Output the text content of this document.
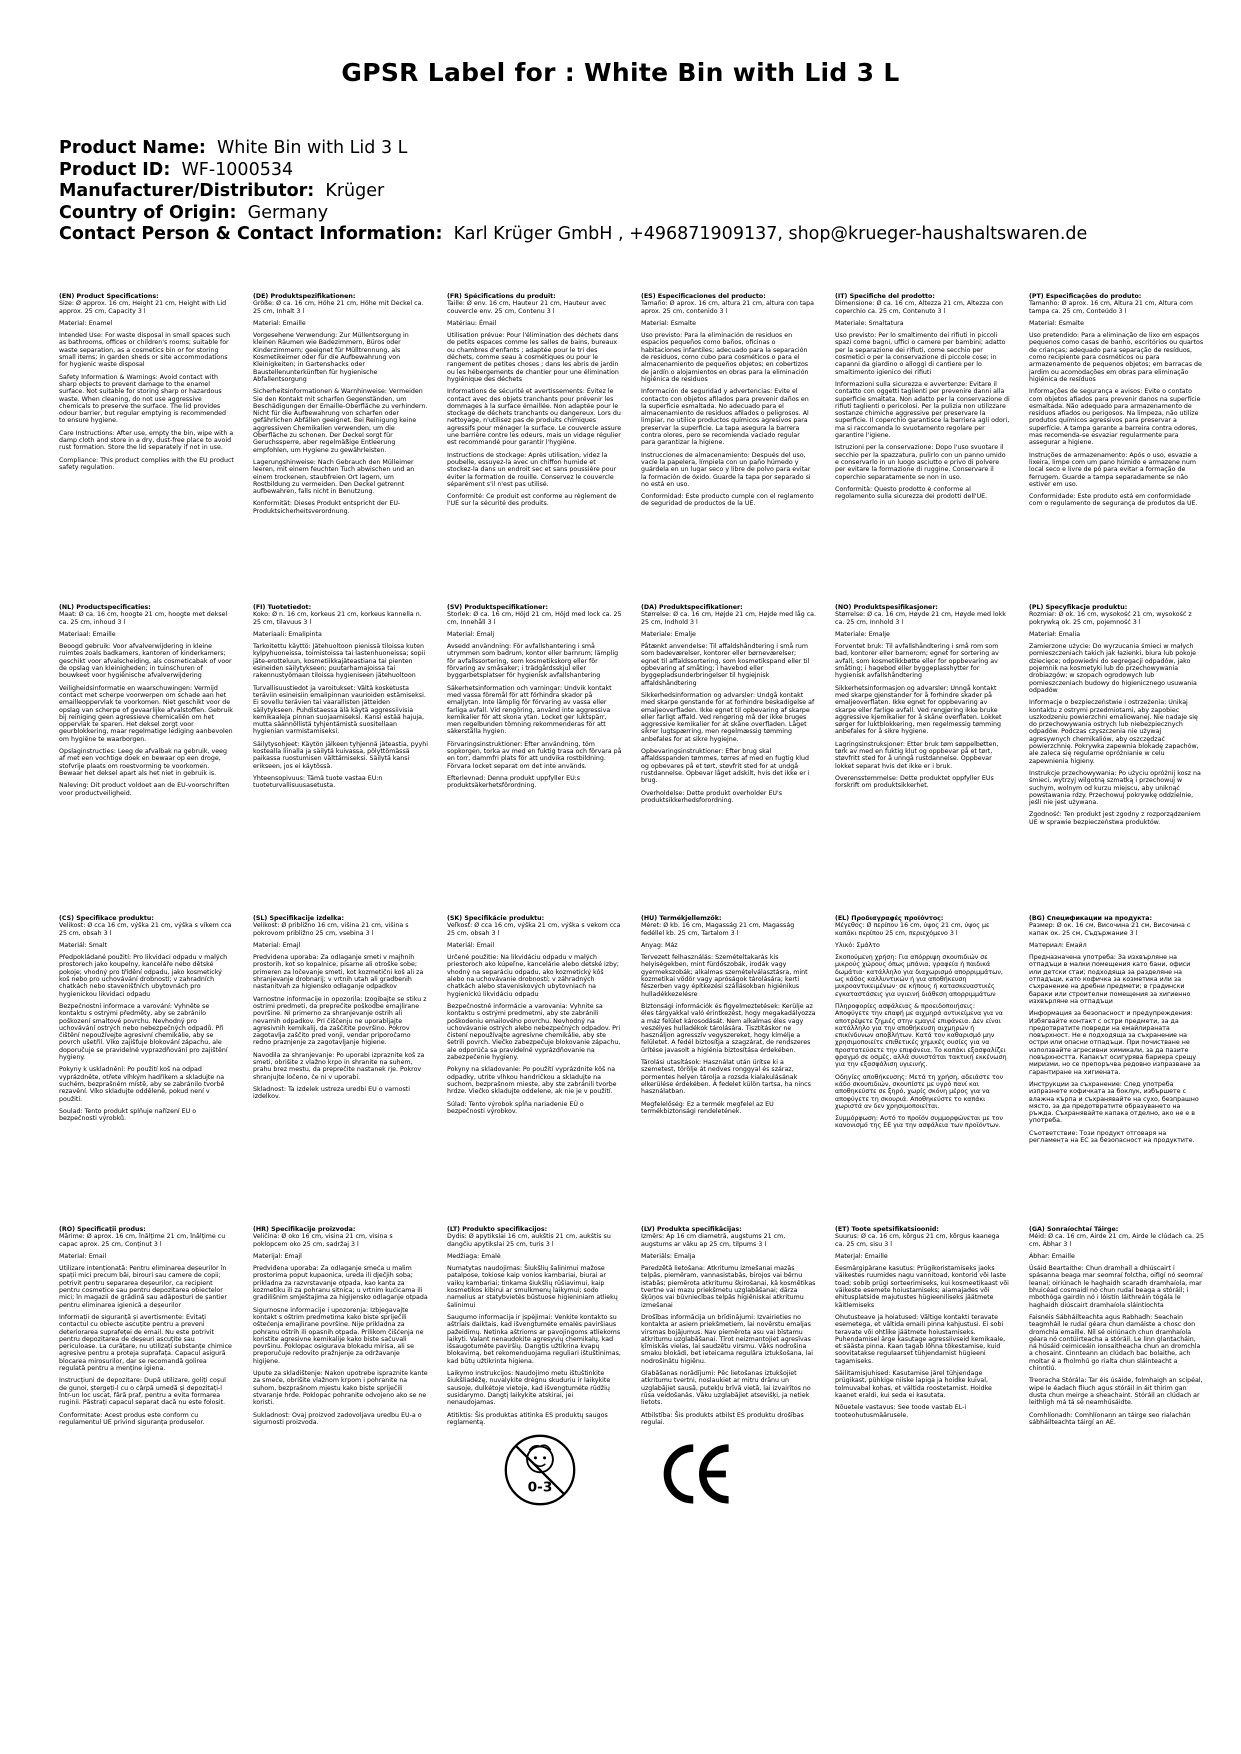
GPSR Label for : White Bin with Lid 3 L
Product Name: White Bin with Lid 3 L
Product ID: WF-1000534
Manufacturer/Distributor: Krüger
Country of Origin: Germany
Contact Person & Contact Information: Karl Krüger GmbH , +496871909137, shop@krueger-haushaltswaren.de
(EN) Product Specifications:
Size: Ø approx. 16 cm, Height 21 cm, Height with Lid approx. 25 cm, Capacity 3 l
Material: Enamel
Intended Use: For waste disposal in small spaces such as bathrooms, offices or children's rooms; suitable for waste separation, as a cosmetics bin or for storing small items; in garden sheds or site accommodations for hygienic waste disposal
Safety Information & Warnings: Avoid contact with sharp objects to prevent damage to the enamel surface. Not suitable for storing sharp or hazardous waste. When cleaning, do not use aggressive chemicals to preserve the surface. The lid provides odour barrier, but regular emptying is recommended to ensure hygiene.
Care Instructions: After use, empty the bin, wipe with a damp cloth and store in a dry, dust-free place to avoid rust formation. Store the lid separately if not in use.
Compliance: This product complies with the EU product safety regulation.
(DE) Produktspezifikationen:
Größe: Ø ca. 16 cm, Höhe 21 cm, Höhe mit Deckel ca. 25 cm, Inhalt 3 l
Material: Emaille
Vorgesehene Verwendung: Zur Müllentsorgung in kleinen Räumen wie Badezimmern, Büros oder Kinderzimmern; geeignet für Mülltrennung, als Kosmetikeimer oder für die Aufbewahrung von Kleinigkeiten; in Gartenshacks oder Baustellenunterkünften für hygienische Abfallentsorgung
Sicherheitsinformationen & Warnhinweise: Vermeiden Sie den Kontakt mit scharfen Gegenständen, um Beschädigungen der Emaille-Oberfläche zu verhindern. Nicht für die Aufbewahrung von scharfen oder gefährlichen Abfällen geeignet. Bei Reinigung keine aggressiven Chemikalien verwenden, um die Oberfläche zu schonen. Der Deckel sorgt für Geruchssperre, aber regelmäßige Entleerung empfohlen, um Hygiene zu gewährleisten.
Lagerungshinweise: Nach Gebrauch den Mülleimer leeren, mit einem feuchten Tuch abwischen und an einem trockenen, staubfreien Ort lagern, um Rostbildung zu vermeiden. Den Deckel getrennt aufbewahren, falls nicht in Benutzung.
Konformität: Dieses Produkt entspricht der EU-Produktsicherheitsverordnung.
(FR) Spécifications du produit:
Taille: Ø env. 16 cm, Hauteur 21 cm, Hauteur avec couvercle env. 25 cm, Contenu 3 l
Matériau: Émail
Utilisation prévue: Pour l'élimination des déchets dans de petits espaces comme les salles de bains, bureaux ou chambres d'enfants ; adaptée pour le tri des déchets, comme seau à cosmétiques ou pour le rangement de petites choses ; dans les abris de jardin ou les hébergements de chantier pour une élimination hygiénique des déchets
Informations de sécurité et avertissements: Évitez le contact avec des objets tranchants pour prévenir les dommages à la surface émaillée. Non adaptée pour le stockage de déchets tranchants ou dangereux. Lors du nettoyage, n'utilisez pas de produits chimiques agressifs pour ménager la surface. Le couvercle assure une barrière contre les odeurs, mais un vidage régulier est recommandé pour garantir l'hygiène.
Instructions de stockage: Après utilisation, videz la poubelle, essuyez-la avec un chiffon humide et stockez-la dans un endroit sec et sans poussière pour éviter la formation de rouille. Conservez le couvercle séparément s'il n'est pas utilisé.
Conformité: Ce produit est conforme au règlement de l'UE sur la sécurité des produits.
(ES) Especificaciones del producto:
Tamaño: Ø aprox. 16 cm, altura 21 cm, altura con tapa aprox. 25 cm, contenido 3 l
Material: Esmalte
Uso previsto: Para la eliminación de residuos en espacios pequeños como baños, oficinas o habitaciones infantiles; adecuado para la separación de residuos, como cubo para cosméticos o para el almacenamiento de pequeños objetos; en cobertizos de jardín o alojamientos en obras para la eliminación higiénica de residuos
Información de seguridad y advertencias: Evite el contacto con objetos afilados para prevenir daños en la superficie esmaltada. No adecuado para el almacenamiento de residuos afilados o peligrosos. Al limpiar, no utilice productos químicos agresivos para preservar la superficie. La tapa asegura la barrera contra olores, pero se recomienda vaciado regular para garantizar la higiene.
Instrucciones de almacenamiento: Después del uso, vacíe la papelera, límpiela con un paño húmedo y guárdela en un lugar seco y libre de polvo para evitar la formación de óxido. Guarde la tapa por separado si no está en uso.
Conformidad: Este producto cumple con el reglamento de seguridad de productos de la UE.
(IT) Specifiche del prodotto:
Dimensione: Ø ca. 16 cm, Altezza 21 cm, Altezza con coperchio ca. 25 cm, Contenuto 3 l
Materiale: Smaltatura
Uso previsto: Per lo smaltimento dei rifiuti in piccoli spazi come bagni, uffici o camere per bambini; adatto per la separazione dei rifiuti, come secchio per cosmetici o per la conservazione di piccole cose; in capanni da giardino o alloggi di cantiere per lo smaltimento igienico dei rifiuti
Informazioni sulla sicurezza e avvertenze: Evitare il contatto con oggetti taglienti per prevenire danni alla superficie smaltata. Non adatto per la conservazione di rifiuti taglienti o pericolosi. Per la pulizia non utilizzare sostanze chimiche aggressive per preservare la superficie. Il coperchio garantisce la barriera agli odori, ma si raccomanda lo svuotamento regolare per garantire l'igiene.
Istruzioni per la conservazione: Dopo l'uso svuotare il secchio per la spazzatura, pulirlo con un panno umido e conservarlo in un luogo asciutto e privo di polvere per evitare la formazione di ruggine. Conservare il coperchio separatamente se non in uso.
Conformità: Questo prodotto è conforme al regolamento sulla sicurezza dei prodotti dell'UE.
(PT) Especificações do produto:
Tamanho: Ø aprox. 16 cm, Altura 21 cm, Altura com tampa ca. 25 cm, Conteúdo 3 l
Material: Esmalte
Uso pretendido: Para a eliminação de lixo em espaços pequenos como casas de banho, escritórios ou quartos de crianças; adequado para separação de resíduos, como recipiente para cosméticos ou para armazenamento de pequenos objetos; em barracas de jardim ou acomodações em obras para eliminação higiénica de resíduos
Informações de segurança e avisos: Evite o contato com objetos afiados para prevenir danos na superfície esmaltada. Não adequado para armazenamento de resíduos afiados ou perigosos. Na limpeza, não utilize produtos químicos agressivos para preservar a superfície. A tampa garante a barreira contra odores, mas recomenda-se esvaziar regularmente para assegurar a higiene.
Instruções de armazenamento: Após o uso, esvazie a lixeira, limpe com um pano húmido e armazene num local seco e livre de pó para evitar a formação de ferrugem. Guarde a tampa separadamente se não estiver em uso.
Conformidade: Este produto está em conformidade com o regulamento de segurança de produtos da UE.
(NL) Productspecificaties:
Maat: Ø ca. 16 cm, hoogte 21 cm, hoogte met deksel ca. 25 cm, inhoud 3 l
Materiaal: Emaille
Beoogd gebruik: Voor afvalverwijdering in kleine ruimtes zoals badkamers, kantoren of kinderkamers; geschikt voor afvalscheiding, als cosmeticabak of voor de opslag van kleinigheden; in tuinschuren of bouwkeet voor hygiënische afvalverwijdering
Veiligheidsinformatie en waarschuwingen: Vermijd contact met scherpe voorwerpen om schade aan het emailleoppervlak te voorkomen. Niet geschikt voor de opslag van scherpe of gevaarlijke afvalstoffen. Gebruik bij reiniging geen agressieve chemicaliën om het oppervlak te sparen. Het deksel zorgt voor geurblokkering, maar regelmatige lediging aanbevolen om hygiëne te waarborgen.
Opslaginstructies: Leeg de afvalbak na gebruik, veeg af met een vochtige doek en bewaar op een droge, stofvrije plaats om roestvorming te voorkomen. Bewaar het deksel apart als het niet in gebruik is.
Naleving: Dit product voldoet aan de EU-voorschriften voor productveiligheid.
(FI) Tuotetiedot:
Koko: Ø n. 16 cm, korkeus 21 cm, korkeus kannella n. 25 cm, tilavuus 3 l
Materiaali: Emalipinta
Tarkoitettu käyttö: Jätehuoltoon pienissä tiloissa kuten kylpyhuoneissa, toimistoissa tai lastenhuoneissa; sopii jäte-erotteluun, kosmetiikkajäteastiana tai pienten esineiden säilytykseen; puutarhamajoissa tai rakennustyömaan tiloissa hygieniseen jätehuoltoon
Turvallisuustiedot ja varoitukset: Vältä kosketusta teräviin esineisiin emalipinnan vaurioiden estämiseksi. Ei sovellu terävien tai vaarallisten jätteiden säilytykseen. Puhdistaessa älä käytä aggressiivisia kemikaaleja pinnan suojaamiseksi. Kansi estää hajuja, mutta säännöllistä tyhjentämistä suositellaan hygienian varmistamiseksi.
Säilytysohjeet: Käytön jälkeen tyhjennä jäteastia, pyyhi kostealla liinalla ja säilytä kuivassa, pölyttömässä paikassa ruostumisen välttämiseksi. Säilytä kansi erikseen, jos ei käytössä.
Yhteensopivuus: Tämä tuote vastaa EU:n tuoteturvallisuusasetusta.
(SV) Produktspecifikationer:
Storlek: Ø ca. 16 cm, Höjd 21 cm, Höjd med lock ca. 25 cm, Innehåll 3 l
Material: Emalj
Avsedd användning: För avfallshantering i små utrymmen som badrum, kontor eller barnrum; lämplig för avfallssortering, som kosmetikskorg eller för förvaring av småsaker; i trädgårdsskjul eller byggarbetsplatser för hygienisk avfallshantering
Säkerhetsinformation och varningar: Undvik kontakt med vassa föremål för att förhindra skador på emaljytan. Inte lämplig för förvaring av vassa eller farliga avfall. Vid rengöring, använd inte aggressiva kemikalier för att skona ytan. Locket ger luktspärr, men regelbunden tömning rekommenderas för att säkerställa hygien.
Förvaringsinstruktioner: Efter användning, töm sopkorgen, torka av med en fuktig trasa och förvara på en torr, dammfri plats för att undvika rostbildning. Förvara locket separat om det inte används.
Efterlevnad: Denna produkt uppfyller EU:s produktsäkerhetsförordning.
(DA) Produktspecifikationer:
Størrelse: Ø ca. 16 cm, Højde 21 cm, Højde med låg ca. 25 cm, Indhold 3 l
Materiale: Emalje
Påtænkt anvendelse: Til affaldshåndtering i små rum som badeværelser, kontorer eller børneværelser; egnet til affaldssortering, som kosmetikspand eller til opbevaring af småting; i havebod eller byggepladsunderbringelser til hygiejnisk affaldshåndtering
Sikkerhedsinformation og advarsler: Undgå kontakt med skarpe genstande for at forhindre beskadigelse af emaljeoverfladen. Ikke egnet til opbevaring af skarpe eller farligt affald. Ved rengøring må der ikke bruges aggressive kemikalier for at skåne overfladen. Låget sikrer lugtspærring, men regelmæssig tømming anbefales for at sikre hygiejne.
Opbevaringsinstruktioner: Efter brug skal affaldsspanden tømmes, tørres af med en fugtig klud og opbevares på et tørt, støvfrit sted for at undgå rustdannelse. Opbevar låget adskilt, hvis det ikke er i brug.
Overholdelse: Dette produkt overholder EU's produktsikkerhedsforordning.
(NO) Produktspesifikasjoner:
Størrelse: Ø ca. 16 cm, Høyde 21 cm, Høyde med lokk ca. 25 cm, Innhold 3 l
Materiale: Emalje
Forventet bruk: Til avfallshåndtering i små rom som bad, kontorer eller barnerom; egnet for sortering av avfall, som kosmetikkbøtte eller for oppbevaring av småting; i hagebod eller byggeplasshytter for hygienisk avfallshåndtering
Sikkerhetsinformasjon og advarsler: Unngå kontakt med skarpe gjenstander for å forhindre skader på emaljeoverflaten. Ikke egnet for oppbevaring av skarpe eller farlige avfall. Ved rengjøring ikke bruke aggressive kjemikalier for å skåne overflaten. Lokket sørger for luktblokkering, men regelmessig tømming anbefales for å sikre hygiene.
Lagringsinstruksjoner: Etter bruk tøm søppelbøtten, tørk av med en fuktig klut og oppbevar på et tørt, støvfritt sted for å unngå rustdannelse. Oppbevar lokket separat hvis det ikke er i bruk.
Overensstemmelse: Dette produktet oppfyller EUs forskrift om produktsikkerhet.
(PL) Specyfikacje produktu:
Rozmiar: Ø ok. 16 cm, wysokość 21 cm, wysokość z pokrywką ok. 25 cm, pojemność 3 l
Materiał: Emalia
Zamierzone użycie: Do wyrzucania śmieci w małych pomieszczeniach takich jak łazienki, biura lub pokoje dziecięce; odpowiedni do segregacji odpadów, jako pojemnik na kosmetyki lub do przechowywania drobiazgów; w szopach ogrodowych lub pomieszczeniach budowy do higienicznego usuwania odpadów
Informacje o bezpieczeństwie i ostrzeżenia: Unikaj kontaktu z ostrymi przedmiotami, aby zapobiec uszkodzeniu powierzchni emaliowanej. Nie nadaje się do przechowywania ostrych lub niebezpiecznych odpadów. Podczas czyszczenia nie używaj agresywnych chemikaliów, aby oszczędzać powierzchnię. Pokrywka zapewnia blokadę zapachów, ale zaleca się regularne opróżnianie w celu zapewnienia higieny.
Instrukcje przechowywania: Po użyciu opróżnij kosz na śmieci, wytrzyj wilgotną szmatką i przechowuj w suchym, wolnym od kurzu miejscu, aby uniknąć powstawania rdzy. Przechowuj pokrywkę oddzielnie, jeśli nie jest używana.
Zgodność: Ten produkt jest zgodny z rozporządzeniem UE w sprawie bezpieczeństwa produktów.
(CS) Specifikace produktu:
Velikost: Ø cca 16 cm, výška 21 cm, výška s víkem cca 25 cm, obsah 3 l
Materiál: Smalt
Předpokládané použití: Pro likvidaci odpadu v malých prostorech jako koupelny, kanceláře nebo dětské pokoje; vhodný pro třídění odpadu, jako kosmetický koš nebo pro uchovávání drobností; v zahradních chatkách nebo stavenišťních ubytovnách pro hygienickou likvidaci odpadu
Bezpečnostní informace a varování: Vyhněte se kontaktu s ostrými předměty, aby se zabránilo poškození smaltové povrchu. Nevhodný pro uchovávání ostrých nebo nebezpečných odpadů. Při čištění nepoužívejte agresivní chemikálie, aby se povrch ušetřil. Víko zajišťuje blokování zápachu, ale doporučuje se pravidelné vyprazdňování pro zajištění hygieny.
Pokyny k uskladnění: Po použití koš na odpad vyprázdněte, otřete vlhkým hadříkem a skladujte na suchém, bezprašném místě, aby se zabránilo tvorbě rezavění. Víko skladujte odděleně, pokud není v použití.
Soulad: Tento produkt splňuje nařízení EU o bezpečnosti výrobků.
(SL) Specifikacije izdelka:
Velikost: Ø približno 16 cm, višina 21 cm, višina s pokrovom približno 25 cm, vsebina 3 l
Material: Emajl
Predvidena uporaba: Za odlaganje smeti v majhnih prostorih, kot so kopalnice, pisarne ali otroške sobe; primeren za ločevanje smeti, kot kozmetični koš ali za shranjevanje drobnarij; v vrtnih utah ali gradbenih nastanitvah za higiensko odlaganje odpadkov
Varnostne informacije in opozorila: Izogibajte se stiku z ostrimi predmeti, da preprečite poškodbe emajlirane površine. Ni primerno za shranjevanje ostrih ali nevarnih odpadkov. Pri čiščenju ne uporabljajte agresivnih kemikalij, da zaščitite površino. Pokrov zagotavlja zaščito pred vonji, vendar priporočamo redno praznjenje za zagotavljanje higiene.
Navodila za shranjevanje: Po uporabi izpraznite koš za smeti, obrišite z vlažno krpo in shranite na suhem, prahu brez mestu, da preprečite nastanek rje. Pokrov shranjujte ločeno, če ni v uporabi.
Skladnost: Ta izdelek ustreza uredbi EU o varnosti izdelkov.
(SK) Špecifikácie produktu:
Veľkosť: Ø cca 16 cm, výška 21 cm, výška s vekom cca 25 cm, obsah 3 l
Materiál: Email
Určené použitie: Na likvidáciu odpadu v malých priestoroch ako kúpeľne, kancelárie alebo detské izby; vhodný na separáciu odpadu, ako kozmetický kôš alebo na uchovávanie drobností; v záhradných chatkách alebo staveniskových ubytovniach na hygienickú likvidáciu odpadu
Bezpečnostné informácie a varovania: Vyhnite sa kontaktu s ostrými predmetmi, aby ste zabránili poškodeniu emailového povrchu. Nevhodný na uchovávanie ostrých alebo nebezpečných odpadov. Pri čistení nepoužívajte agresívne chemikálie, aby ste šetrili povrch. Viečko zabezpečuje blokovanie zápachu, ale odporúča sa pravidelné vyprázdňovanie na zabezpečenie hygieny.
Pokyny na skladovanie: Po použití vyprázdnite kôš na odpadky, utrite vlhkou handričkou a skladujte na suchom, bezprašnom mieste, aby ste zabránili tvorbe hrdze. Viečko skladujte oddelene, ak nie je v použití.
Súlad: Tento výrobok spĺňa nariadenie EÚ o bezpečnosti výrobkov.
(HU) Termékjellemzők:
Méret: Ø kb. 16 cm, Magasság 21 cm, Magasság fedéllel kb. 25 cm, Tartalom 3 l
Anyag: Máz
Tervezett felhasználás: Szemételtakarás kis helyiségekben, mint fürdőszobák, irodák vagy gyermekszobák; alkalmas szemételválasztásra, mint kozmetikai vödör vagy apróságok tárolására; kerti fészerben vagy építkezési szállásokban higiénikus hulladékkezelésre
Biztonsági információk és figyelmeztetések: Kerülje az éles tárgyakkal való érintkezést, hogy megakadályozza a máz felület károsodását. Nem alkalmas éles vagy veszélyes hulladékok tárolására. Tisztításkor ne használjon agresszív vegyszereket, hogy kímélje a felületet. A fedél biztosítja a szagzárat, de rendszeres ürítése javasolt a higiénia biztosítása érdekében.
Tárolási utasítások: Használat után ürítse ki a szemetest, törölje át nedves ronggyal és száraz, pormentes helyen tárolja a rozsda kialakulásának elkerülése érdekében. A fedelet külön tartsa, ha nincs használatban.
Megfelelőség: Ez a termék megfelel az EU termékbiztonsági rendeletének.
(EL) Προδιαγραφές προϊόντος:
Μέγεθος: Ø περίπου 16 cm, ύψος 21 cm, ύψος με καπάκι περίπου 25 cm, περιεχόμενο 3 l
Υλικό: Σμάλτο
Σκοπούμενη χρήση: Για απόρριψη σκουπιδιών σε μικρούς χώρους όπως μπάνια, γραφεία ή παιδικά δωμάτια· κατάλληλο για διαχωρισμό απορριμμάτων, ως κάδος καλλυντικών ή για αποθήκευση μικροαντικειμένων· σε κήπους ή κατασκευαστικές εγκαταστάσεις για υγιεινή διάθεση απορριμμάτων
Πληροφορίες ασφάλειας & προειδοποιήσεις: Αποφύγετε την επαφή με αιχμηρά αντικείμενα για να αποτρέψετε ζημιές στην εμαγιέ επιφάνεια. Δεν είναι κατάλληλο για την αποθήκευση αιχμηρών ή επικίνδυνων αποβλήτων. Κατά τον καθαρισμό μην χρησιμοποιείτε επιθετικές χημικές ουσίες για να προστατεύσετε την επιφάνεια. Το καπάκι εξασφαλίζει φραγμό σε οσμές, αλλά συνιστάται τακτική εκκένωση για την εξασφάλιση υγιεινής.
Οδηγίες αποθήκευσης: Μετά τη χρήση, αδειάστε τον κάδο σκουπιδιών, σκουπίστε με υγρό πανί και αποθηκεύστε σε ξηρό, χωρίς σκόνη μέρος για να αποφύγετε τη σκουριά. Αποθηκεύστε το καπάκι χωριστά αν δεν χρησιμοποιείται.
Συμμόρφωση: Αυτό το προϊόν συμμορφώνεται με τον κανονισμό της ΕΕ για την ασφάλεια των προϊόντων.
(BG) Спецификации на продукта:
Размер: Ø ок. 16 см, Височина 21 см, Височина с капак ок. 25 см, Съдържание 3 l
Материал: Емайл
Предназначена употреба: За изхвърляне на отпадъци в малки помещения като бани, офиси или детски стаи; подходяща за разделяне на отпадъци, като кофичка за козметика или за съхранение на дребни предмети; в градински бараки или строителни помещения за хигиенно изхвърляне на отпадъци
Информация за безопасност и предупреждения: Избягвайте контакт с остри предмети, за да предотвратите повреди на емайлираната повърхност. Не е подходяща за съхранение на остри или опасни отпадъци. При почистване не използвайте агресивни химикали, за да пазите повърхността. Капакът осигурява бариера срещу миризми, но се препоръчва редовно изпразване за гарантиране на хигиената.
Инструкции за съхранение: След употреба изпразнете кофичката за боклук, избършете с влажна кърпа и съхранявайте на сухо, безпрашно място, за да предотвратите образуването на ръжда. Съхранявайте капака отделно, ако не е в употреба.
Съответствие: Този продукт отговаря на регламента на ЕС за безопасност на продуктите.
(RO) Specificații produs:
Mărime: Ø aprox. 16 cm, înălțime 21 cm, înălțime cu capac aprox. 25 cm, Conținut 3 l
Material: Email
Utilizare intenționată: Pentru eliminarea deșeurilor în spații mici precum băi, birouri sau camere de copii; potrivit pentru separarea deșeurilor, ca recipient pentru cosmetice sau pentru depozitarea obiectelor mici; în magazii de grădină sau adăposturi de șantier pentru eliminarea igienică a deșeurilor
Informații de siguranță și avertismente: Evitați contactul cu obiecte ascuțite pentru a preveni deteriorarea suprafeței de email. Nu este potrivit pentru depozitarea de deșeuri ascuțite sau periculoase. La curățare, nu utilizați substanțe chimice agresive pentru a proteja suprafața. Capacul asigură blocarea mirosurilor, dar se recomandă golirea regulată pentru a menține igiena.
Instrucțiuni de depozitare: După utilizare, goliți coșul de gunoi, ștergeți-l cu o cârpă umedă și depozitați-l într-un loc uscat, fără praf, pentru a evita formarea ruginii. Păstrați capacul separat dacă nu este folosit.
Conformitate: Acest produs este conform cu regulamentul UE privind siguranța produselor.
(HR) Specifikacije proizvoda:
Veličina: Ø oko 16 cm, visina 21 cm, visina s poklopcem oko 25 cm, sadržaj 3 l
Materijal: Emajl
Predviđena uporaba: Za odlaganje smeća u malim prostorima poput kupaonica, ureda ili dječjih soba; prikladna za razvrstavanje otpada, kao kanta za kozmetiku ili za pohranu sitnica; u vrtnim kućicama ili gradilišnim smještajima za higijensko odlaganje otpada
Sigurnosne informacije i upozorenja: Izbjegavajte kontakt s oštrim predmetima kako biste spriječili oštećenja emajlirane površine. Nije prikladna za pohranu oštrih ili opasnih otpada. Prilikom čišćenja ne koristite agresivne kemikalije kako biste sačuvali površinu. Poklopac osigurava blokadu mirisa, ali se preporučuje redovito pražnjenje za održavanje higijene.
Upute za skladištenje: Nakon upotrebe ispraznite kante za smeće, obrišite vlažnom krpom i pohranite na suhom, bezprašnom mjestu kako biste spriječili stvaranje hrđe. Poklopac pohranite odvojeno ako se ne koristi.
Sukladnost: Ovaj proizvod zadovoljava uredbu EU-a o sigurnosti proizvoda.
(LT) Produkto specifikacijos:
Dydis: Ø apytikslai 16 cm, aukštis 21 cm, aukštis su dangčiu apytikslai 25 cm, turis 3 l
Medžiaga: Emalė
Numatytas naudojimas: Šiukšlių šalinimui mažose patalpose, tokiose kaip vonios kambariai, biurai ar vaikų kambariai; tinkama šiukšlių rūšiavimui, kaip kosmetikos kibirui ar smulkmenų laikymui; sodo namelius ar statybvietės būstuose higieniniam atliekų šalinimui
Saugumo informacija ir įspėjimai: Venkite kontakto su aštriais daiktais, kad išvengtumėte emalės paviršiaus pažeidimų. Netinka aštrioms ar pavojingoms atliekoms laikyti. Valant nenaudokite agresyvių chemikalų, kad išsaugotumėte paviršių. Dangtis užtikrina kvapų blokavimą, bet rekomenduojama reguliari ištuštinimas, kad būtų užtikrinta higiena.
Laikymo instrukcijos: Naudojimo metu ištuštinkite šiukšliadėžę, nuvalykite drėgnu skuduriu ir laikykite sausoje, dulkėtoje vietoje, kad išvengtumėte rūdžių susidarymo. Dangtį laikykite atskirai, jei nenaudojamas.
Atitiktis: Šis produktas atitinka ES produktų saugos reglamentą.
(LV) Produkta specifikācijas:
Izmērs: Ap 16 cm diametrā, augstums 21 cm, augstums ar vāku ap 25 cm, tilpums 3 l
Materiāls: Emalja
Paredzētā lietošana: Atkritumu izmešanai mazās telpās, piemēram, vannasistabās, birojos vai bērnu istabās; piemērota atkritumu šķirošanai, kā kosmētikas tvertne vai mazu priekšmetu uzglabāšanai; dārza šķūņos vai būvniecības telpās higiēniskai atkritumu izmešanai
Drošības informācija un brīdinājumi: Izvairieties no kontakta ar asiem priekšmetiem, lai novērstu emaljas virsmas bojājumus. Nav piemērota asu vai bīstamu atkritumu uzglabāšanai. Tīrot neizmantojiet agresīvas ķīmiskās vielas, lai saudzētu virsmu. Vāks nodrošina smaku blokādi, bet ieteicama regulāra iztukšošana, lai nodrošinātu higiēnu.
Glabāšanas norādījumi: Pēc lietošanas iztukšojiet atkritumu tvertni, noslaukiet ar mitru drānu un uzglabājiet sausā, putekļu brīvā vietā, lai izvairītos no rūsa veidošanās. Vāku uzglabājiet atsevišķi, ja netiek lietots.
Atbilstība: Šis produkts atbilst ES produktu drošības regulai.
(ET) Toote spetsifikatsioonid:
Suurus: Ø ca. 16 cm, kõrgus 21 cm, kõrgus kaanega ca. 25 cm, sisu 3 l
Materjal: Emaille
Eesmärgipärane kasutus: Prügikoristamiseks jaoks väikestes ruumides nagu vannitoad, kontorid või laste toad; sobib prügi sorteerimiseks, kui kosmeetikaast või väikeste esemete hoiustamiseks; aiamajades või ehitusplatside majutustes hügieeniliseks jäätmete käitlemiseks
Ohutusteave ja hoiatused: Vältige kontakti teravate esemetega, et vältida emaili pinna kahjustusi. Ei sobi teravate või ohtlike jäätmete hoiustamiseks. Puhendamisel ärge kasutage agressiivseid kemikaale, et säästa pinna. Kaan tagab lõhna tõkestamise, kuid soovitatakse regulaarset tühjendamist hügieeni tagamiseks.
Säilitamisjuhised: Kasutamise järel tühjendage prügikast, pühkige niiske lapiga ja hoidke kuival, tolmuvabal kohas, et vältida roostetamist. Hoidke kaanet eraldi, kui seda ei kasutata.
Nõuetele vastavus: See toode vastab EL-i tooteohutusmäärusele.
(GA) Sonraíochtaí Táirge:
Méid: Ø ca. 16 cm, Airde 21 cm, Airde le clúdach ca. 25 cm, Ábhar 3 l
Ábhar: Emaille
Úsáid Beartaithe: Chun dramhaíl a dhiúscairt i spásanna beaga mar seomraí folctha, oifigí nó seomraí leanaí; oiriúnach le haghaidh scaradh dramhaíola, mar bhuicéad cosmaidí nó chun rudaí beaga a stóráil; i mbothóga gairdín nó i lóistín láithreáin tógála le haghaidh diúscairt dramhaíola sláintíochta
Faisnéis Sábháilteachta agus Rabhadh: Seachain teagmháil le rudaí géara chun damáiste a chosc don dromchla emaille. Níl sé oiriúnach chun dramhaíola géara nó contúirteacha a stóráil. Le linn glantacháin, ná húsáid ceimiceáin ionsaitheacha chun an dromchla a chosaint. Cinnteann an clúdach bac bolaithe, ach moltar é a fholmhú go rialta chun sláinteacht a chinntiú.
Treoracha Stórála: Tar éis úsáide, folmhaigh an scipéal, wipe le éadach fliuch agus stóráil in áit thirim gan dusta chun meirge a sheachaint. Stóráil an clúdach ar leithligh má tá sé neamhúsáidte.
Comhlíonadh: Comhlíonann an táirge seo rialachán sábháilteachta táirgí an AE.
0-3
